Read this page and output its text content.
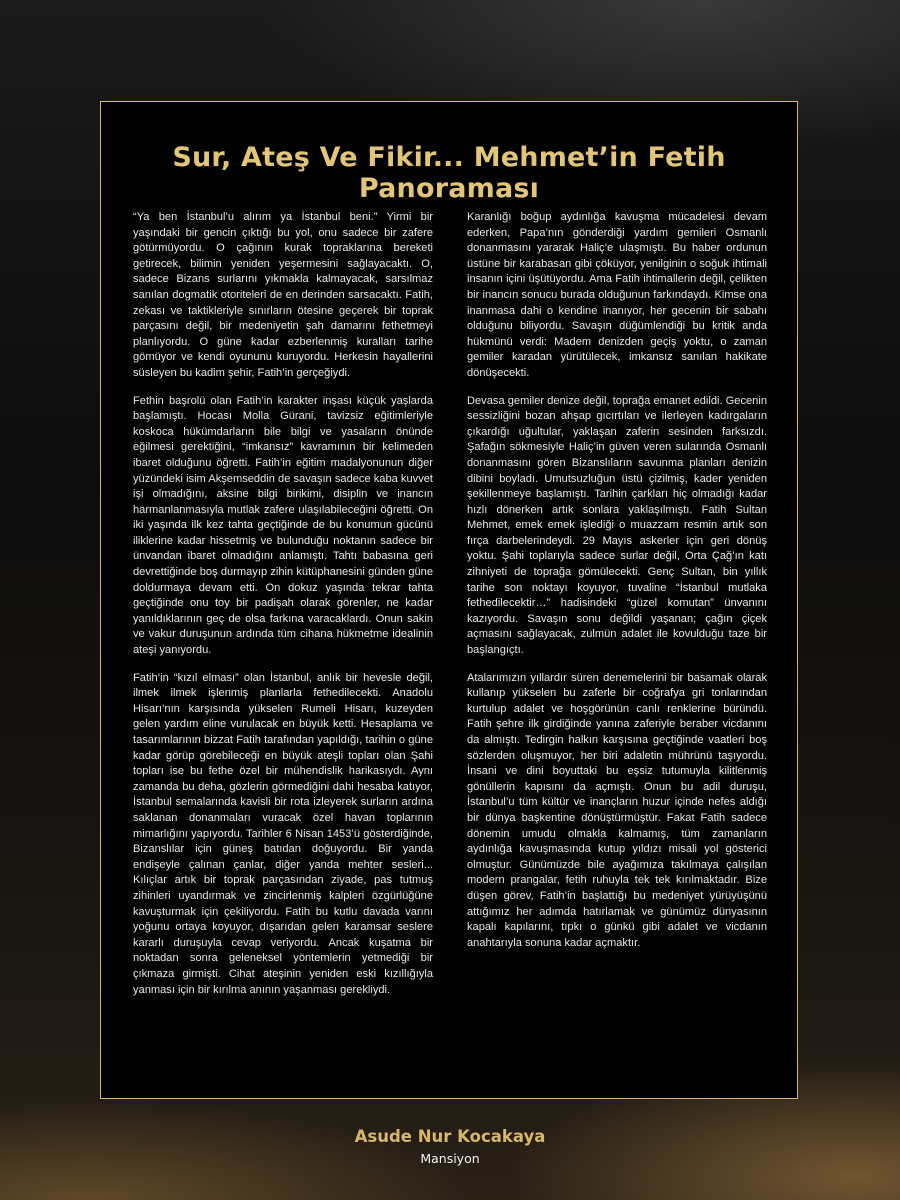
Sur, Ateş Ve Fikir... Mehmet’in Fetih Panoraması

“Ya ben İstanbul’u alırım ya İstanbul beni.” Yirmi bir yaşındaki bir gencin çıktığı bu yol, onu sadece bir zafere götürmüyordu. O çağının kurak topraklarına bereketi getirecek, bilimin yeniden yeşermesini sağlayacaktı. O, sadece Bizans surlarını yıkmakla kalmayacak, sarsılmaz sanılan dogmatik otoriteleri de en derinden sarsacaktı. Fatih, zekası ve taktikleriyle sınırların ötesine geçerek bir toprak parçasını değil, bir medeniyetin şah damarını fethetmeyi planlıyordu. O güne kadar ezberlenmiş kuralları tarihe gömüyor ve kendi oyununu kuruyordu. Herkesin hayallerini süsleyen bu kadim şehir, Fatih’in gerçeğiydi.

Fethin başrolü olan Fatih’in karakter inşası küçük yaşlarda başlamıştı. Hocası Molla Gürani, tavizsiz eğitimleriyle koskoca hükümdarların bile bilgi ve yasaların önünde eğilmesi gerektiğini, “imkansız” kavramının bir kelimeden ibaret olduğunu öğretti. Fatih’in eğitim madalyonunun diğer yüzündeki isim Akşemseddin de savaşın sadece kaba kuvvet işi olmadığını, aksine bilgi birikimi, disiplin ve inancın harmanlanmasıyla mutlak zafere ulaşılabileceğini öğretti. On iki yaşında ilk kez tahta geçtiğinde de bu konumun gücünü iliklerine kadar hissetmiş ve bulunduğu noktanın sadece bir ünvandan ibaret olmadığını anlamıştı. Tahtı babasına geri devrettiğinde boş durmayıp zihin kütüphanesini günden güne doldurmaya devam etti. On dokuz yaşında tekrar tahta geçtiğinde onu toy bir padişah olarak görenler, ne kadar yanıldıklarının geç de olsa farkına varacaklardı. Onun sakin ve vakur duruşunun ardında tüm cihana hükmetme idealinin ateşi yanıyordu.

Fatih’in “kızıl elması” olan İstanbul, anlık bir hevesle değil, ilmek ilmek işlenmiş planlarla fethedilecekti. Anadolu Hisarı’nın karşısında yükselen Rumeli Hisarı, kuzeyden gelen yardım eline vurulacak en büyük ketti. Hesaplama ve tasarımlarının bizzat Fatih tarafından yapıldığı, tarihin o güne kadar görüp görebileceği en büyük ateşli topları olan Şahi topları ise bu fethe özel bir mühendislik harikasıydı. Aynı zamanda bu deha, gözlerin görmediğini dahi hesaba katıyor, İstanbul semalarında kavisli bir rota izleyerek surların ardına saklanan donanmaları vuracak özel havan toplarının mimarlığını yapıyordu. Tarihler 6 Nisan 1453’ü gösterdiğinde, Bizanslılar için güneş batıdan doğuyordu. Bir yanda endişeyle çalınan çanlar, diğer yanda mehter sesleri... Kılıçlar artık bir toprak parçasından ziyade, pas tutmuş zihinleri uyandırmak ve zincirlenmiş kalpleri özgürlüğüne kavuşturmak için çekiliyordu. Fatih bu kutlu davada varını yoğunu ortaya koyuyor, dışarıdan gelen karamsar seslere kararlı duruşuyla cevap veriyordu. Ancak kuşatma bir noktadan sonra geleneksel yöntemlerin yetmediği bir çıkmaza girmişti. Cihat ateşinin yeniden eski kızıllığıyla yanması için bir kırılma anının yaşanması gerekliydi.

Karanlığı boğup aydınlığa kavuşma mücadelesi devam ederken, Papa’nın gönderdiği yardım gemileri Osmanlı donanmasını yararak Haliç’e ulaşmıştı. Bu haber ordunun üstüne bir karabasan gibi çöküyor, yenilginin o soğuk ihtimali insanın içini üşütüyordu. Ama Fatih ihtimallerin değil, çelikten bir inancın sonucu burada olduğunun farkındaydı. Kimse ona inanmasa dahi o kendine inanıyor, her gecenin bir sabahı olduğunu biliyordu. Savaşın düğümlendiği bu kritik anda hükmünü verdi: Madem denizden geçiş yoktu, o zaman gemiler karadan yürütülecek, imkansız sanılan hakikate dönüşecekti.

Devasa gemiler denize değil, toprağa emanet edildi. Gecenin sessizliğini bozan ahşap gıcırtıları ve ilerleyen kadırgaların çıkardığı uğultular, yaklaşan zaferin sesinden farksızdı. Şafağın sökmesiyle Haliç’in güven veren sularında Osmanlı donanmasını gören Bizanslıların savunma planları denizin dibini boyladı. Umutsuzluğun üstü çizilmiş, kader yeniden şekillenmeye başlamıştı. Tarihin çarkları hiç olmadığı kadar hızlı dönerken artık sonlara yaklaşılmıştı. Fatih Sultan Mehmet, emek emek işlediği o muazzam resmin artık son fırça darbelerindeydi. 29 Mayıs askerler için geri dönüş yoktu. Şahi toplarıyla sadece surlar değil, Orta Çağ’ın katı zihniyeti de toprağa gömülecekti. Genç Sultan, bin yıllık tarihe son noktayı koyuyor, tuvaline “İstanbul mutlaka fethedilecektir…” hadisindeki “güzel komutan” ünvanını kazıyordu. Savaşın sonu değildi yaşanan; çağın çiçek açmasını sağlayacak, zulmün adalet ile kovulduğu taze bir başlangıçtı.

Atalarımızın yıllardır süren denemelerini bir basamak olarak kullanıp yükselen bu zaferle bir coğrafya gri tonlarından kurtulup adalet ve hoşgörünün canlı renklerine büründü. Fatih şehre ilk girdiğinde yanına zaferiyle beraber vicdanını da almıştı. Tedirgin halkın karşısına geçtiğinde vaatleri boş sözlerden oluşmuyor, her biri adaletin mührünü taşıyordu. İnsani ve dini boyuttaki bu eşsiz tutumuyla kilitlenmiş gönüllerin kapısını da açmıştı. Onun bu adil duruşu, İstanbul’u tüm kültür ve inançların huzur içinde nefes aldığı bir dünya başkentine dönüştürmüştür. Fakat Fatih sadece dönemin umudu olmakla kalmamış, tüm zamanların aydınlığa kavuşmasında kutup yıldızı misali yol gösterici olmuştur. Günümüzde bile ayağımıza takılmaya çalışılan modern prangalar, fetih ruhuyla tek tek kırılmaktadır. Bize düşen görev, Fatih’in başlattığı bu medeniyet yürüyüşünü attığımız her adımda hatırlamak ve günümüz dünyasının kapalı kapılarını, tıpkı o günkü gibi adalet ve vicdanın anahtarıyla sonuna kadar açmaktır.

Asude Nur Kocakaya
Mansiyon
